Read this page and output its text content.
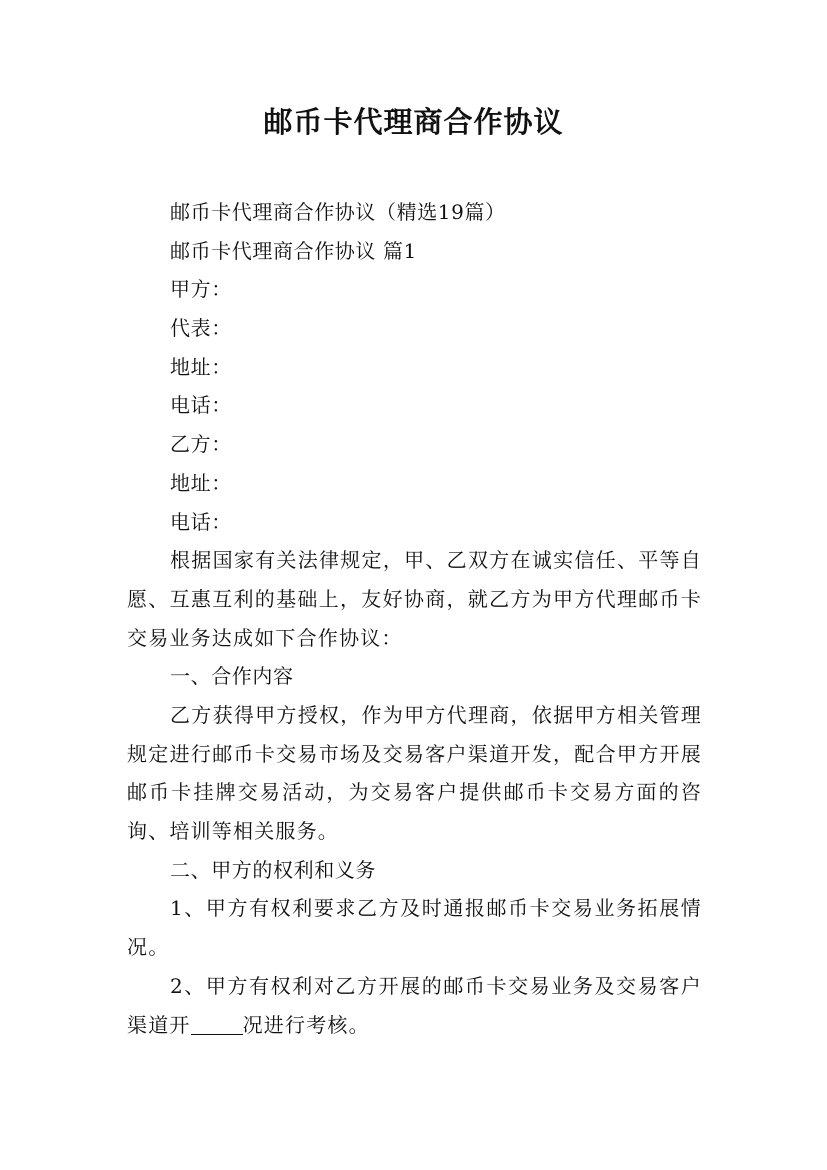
邮币卡代理商合作协议

邮币卡代理商合作协议（精选19篇）

邮币卡代理商合作协议 篇1

甲方：

代表：

地址：

电话：

乙方：

地址：

电话：

根据国家有关法律规定，甲、乙双方在诚实信任、平等自愿、互惠互利的基础上，友好协商，就乙方为甲方代理邮币卡交易业务达成如下合作协议：

一、合作内容

乙方获得甲方授权，作为甲方代理商，依据甲方相关管理规定进行邮币卡交易市场及交易客户渠道开发，配合甲方开展邮币卡挂牌交易活动，为交易客户提供邮币卡交易方面的咨询、培训等相关服务。

二、甲方的权利和义务

1、甲方有权利要求乙方及时通报邮币卡交易业务拓展情况。

2、甲方有权利对乙方开展的邮币卡交易业务及交易客户渠道开	况进行考核。
